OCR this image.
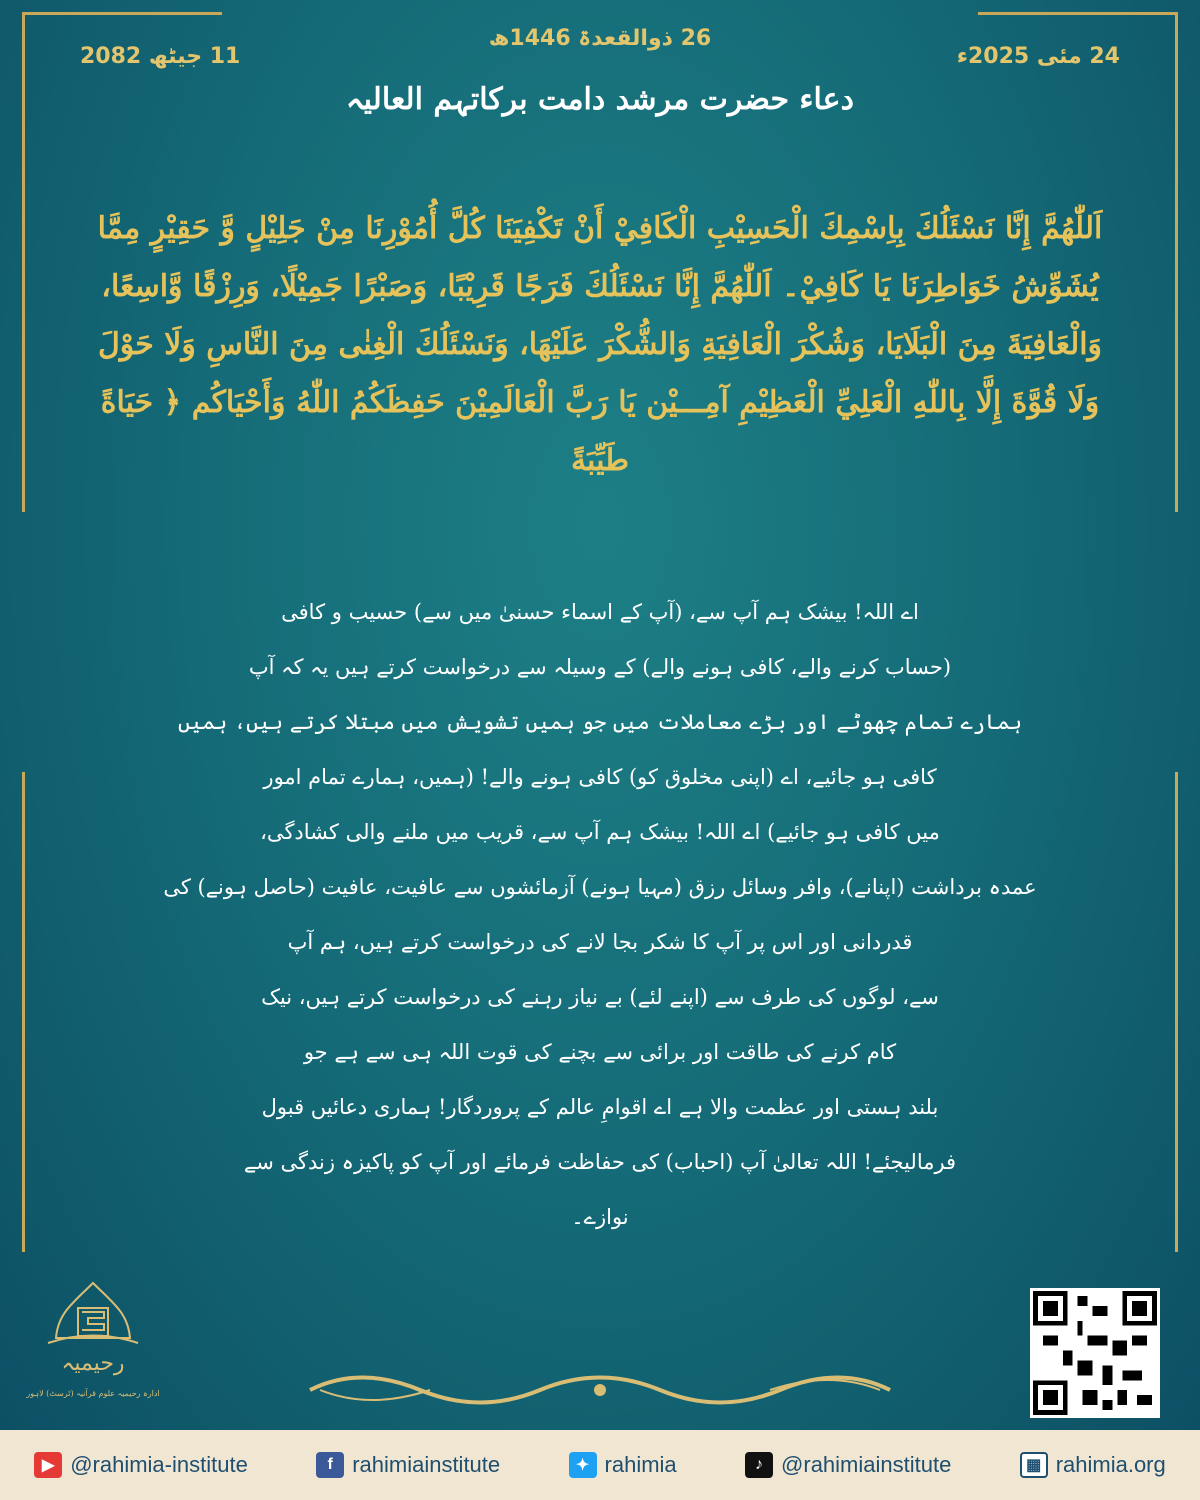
11 جیٹھ 2082
26 ذوالقعدۃ 1446ھ
24 مئی 2025ء
دعاء حضرت مرشد دامت برکاتہم العالیہ
اَللّٰهُمَّ إِنَّا نَسْئَلُكَ بِاِسْمِكَ الْحَسِيْبِ الْكَافِيْ أَنْ تَكْفِيَنَا كُلَّ أُمُوْرِنَا مِنْ جَلِيْلٍ وَّ حَقِيْرٍ مِمَّا يُشَوِّشُ خَوَاطِرَنَا يَا كَافِيْ۔ اَللّٰهُمَّ إِنَّا نَسْئَلُكَ فَرَجًا قَرِيْبًا، وَصَبْرًا جَمِيْلًا، وَرِزْقًا وَّاسِعًا، وَالْعَافِيَةَ مِنَ الْبَلَايَا، وَشُكْرَ الْعَافِيَةِ وَالشُّكْرَ عَلَيْهَا، وَنَسْئَلُكَ الْغِنٰى مِنَ النَّاسِ وَلَا حَوْلَ وَلَا قُوَّةَ إِلَّا بِاللّٰهِ الْعَلِيِّ الْعَظِيْمِ آمِـــيْن يَا رَبَّ الْعَالَمِيْنَ حَفِظَكُمُ اللّٰهُ وَأَحْيَاكُم ﴿ حَيَاةً طَيِّبَةً
اے اللہ! بیشک ہم آپ سے، (آپ کے اسماء حسنیٰ میں سے) حسیب و کافی
(حساب کرنے والے، کافی ہونے والے) کے وسیلہ سے درخواست کرتے ہیں یہ کہ آپ
ہمارے تمام چھوٹے اور بڑے معاملات میں جو ہمیں تشویش میں مبتلا کرتے ہیں، ہمیں
کافی ہو جائیے، اے (اپنی مخلوق کو) کافی ہونے والے! (ہمیں، ہمارے تمام امور
میں کافی ہو جائیے) اے اللہ! بیشک ہم آپ سے، قریب میں ملنے والی کشادگی،
عمدہ برداشت (اپنانے)، وافر وسائل رزق (مہیا ہونے) آزمائشوں سے عافیت، عافیت (حاصل ہونے) کی
قدردانی اور اس پر آپ کا شکر بجا لانے کی درخواست کرتے ہیں، ہم آپ
سے، لوگوں کی طرف سے (اپنے لئے) بے نیاز رہنے کی درخواست کرتے ہیں، نیک
کام کرنے کی طاقت اور برائی سے بچنے کی قوت اللہ ہی سے ہے جو
بلند ہستی اور عظمت والا ہے اے اقوامِ عالم کے پروردگار! ہماری دعائیں قبول
فرمالیجئے! اللہ تعالیٰ آپ (احباب) کی حفاظت فرمائے اور آپ کو پاکیزہ زندگی سے
نوازے۔
رحیمیہ
ادارہ رحیمیہ علوم قرآنیہ (ٹرسٹ) لاہور
▶ @rahimia-institute	f rahimiainstitute	✦ rahimia	♪ @rahimiainstitute	▦ rahimia.org
